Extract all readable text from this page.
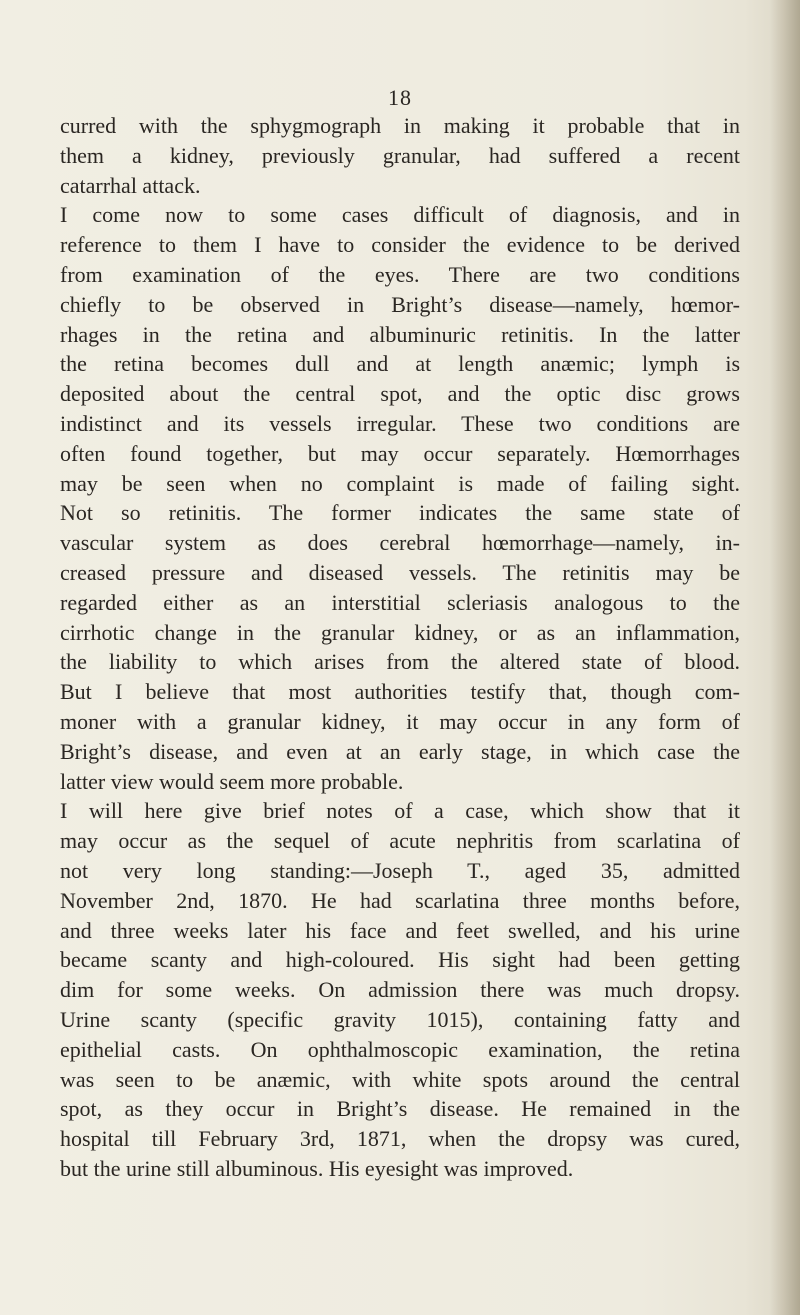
18
curred with the sphygmograph in making it probable that in
them a kidney, previously granular, had suffered a recent
catarrhal attack.
I come now to some cases difficult of diagnosis, and in
reference to them I have to consider the evidence to be derived
from examination of the eyes. There are two conditions
chiefly to be observed in Bright’s disease—namely, hœmor-
rhages in the retina and albuminuric retinitis. In the latter
the retina becomes dull and at length anæmic; lymph is
deposited about the central spot, and the optic disc grows
indistinct and its vessels irregular. These two conditions are
often found together, but may occur separately. Hœmorrhages
may be seen when no complaint is made of failing sight.
Not so retinitis. The former indicates the same state of
vascular system as does cerebral hœmorrhage—namely, in-
creased pressure and diseased vessels. The retinitis may be
regarded either as an interstitial scleriasis analogous to the
cirrhotic change in the granular kidney, or as an inflammation,
the liability to which arises from the altered state of blood.
But I believe that most authorities testify that, though com-
moner with a granular kidney, it may occur in any form of
Bright’s disease, and even at an early stage, in which case the
latter view would seem more probable.
I will here give brief notes of a case, which show that it
may occur as the sequel of acute nephritis from scarlatina of
not very long standing:—Joseph T., aged 35, admitted
November 2nd, 1870. He had scarlatina three months before,
and three weeks later his face and feet swelled, and his urine
became scanty and high-coloured. His sight had been getting
dim for some weeks. On admission there was much dropsy.
Urine scanty (specific gravity 1015), containing fatty and
epithelial casts. On ophthalmoscopic examination, the retina
was seen to be anæmic, with white spots around the central
spot, as they occur in Bright’s disease. He remained in the
hospital till February 3rd, 1871, when the dropsy was cured,
but the urine still albuminous. His eyesight was improved.
